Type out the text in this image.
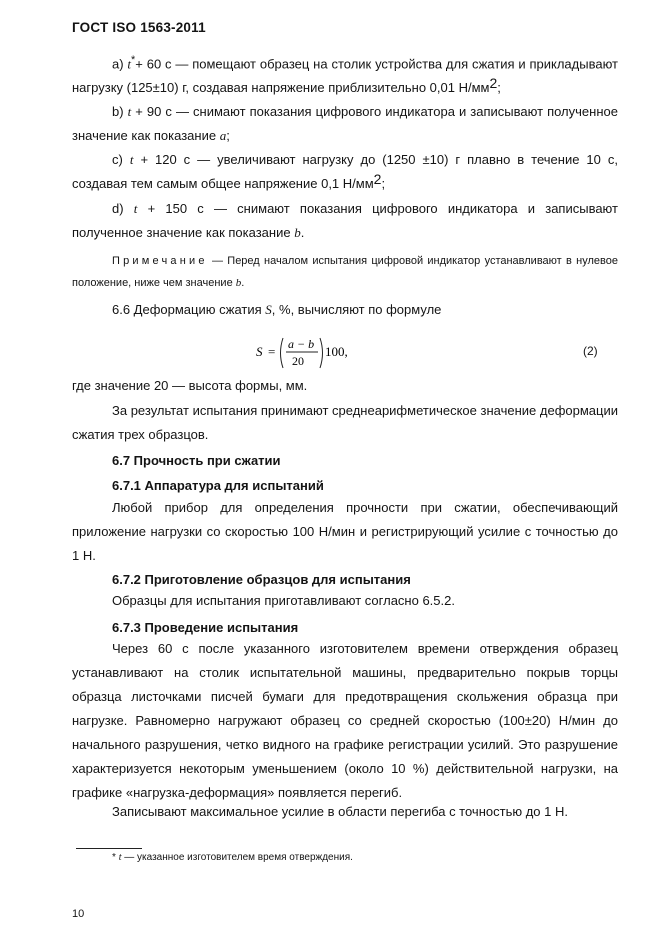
ГОСТ ISO 1563-2011

а) t*+ 60 с — помещают образец на столик устройства для сжатия и прикладывают нагрузку (125±10) г, создавая напряжение приблизительно 0,01 $Н/мм^2$;

b) t + 90 с — снимают показания цифрового индикатора и записывают полученное значение как показание a;

с) t + 120 с — увеличивают нагрузку до (1250 ±10) г плавно в течение 10 с, создавая тем самым общее напряжение 0,1 $Н/мм^2$;

d) t + 150 с — снимают показания цифрового индикатора и записывают полученное значение как показание b.

Примечание — Перед началом испытания цифровой индикатор устанавливают в нулевое положение, ниже чем значение b.

6.6 Деформацию сжатия S, %, вычисляют по формуле

S = a − b
20
100,	(2)

где значение 20 — высота формы, мм.

За результат испытания принимают среднеарифметическое значение деформации сжатия трех образцов.

6.7 Прочность при сжатии
6.7.1 Аппаратура для испытаний

Любой прибор для определения прочности при сжатии, обеспечивающий приложение нагрузки со скоростью 100 Н/мин и регистрирующий усилие с точностью до 1 Н.

6.7.2 Приготовление образцов для испытания

Образцы для испытания приготавливают согласно 6.5.2.

6.7.3 Проведение испытания

Через 60 с после указанного изготовителем времени отверждения образец устанавливают на столик испытательной машины, предварительно покрыв торцы образца листочками писчей бумаги для предотвращения скольжения образца при нагрузке. Равномерно нагружают образец со средней скоростью (100±20) Н/мин до начального разрушения, четко видного на графике регистрации усилий. Это разрушение характеризуется некоторым уменьшением (около 10 %) действительной нагрузки, на графике «нагрузка-деформация» появляется перегиб.

Записывают максимальное усилие в области перегиба с точностью до 1 Н.

* t — указанное изготовителем время отверждения.
10
